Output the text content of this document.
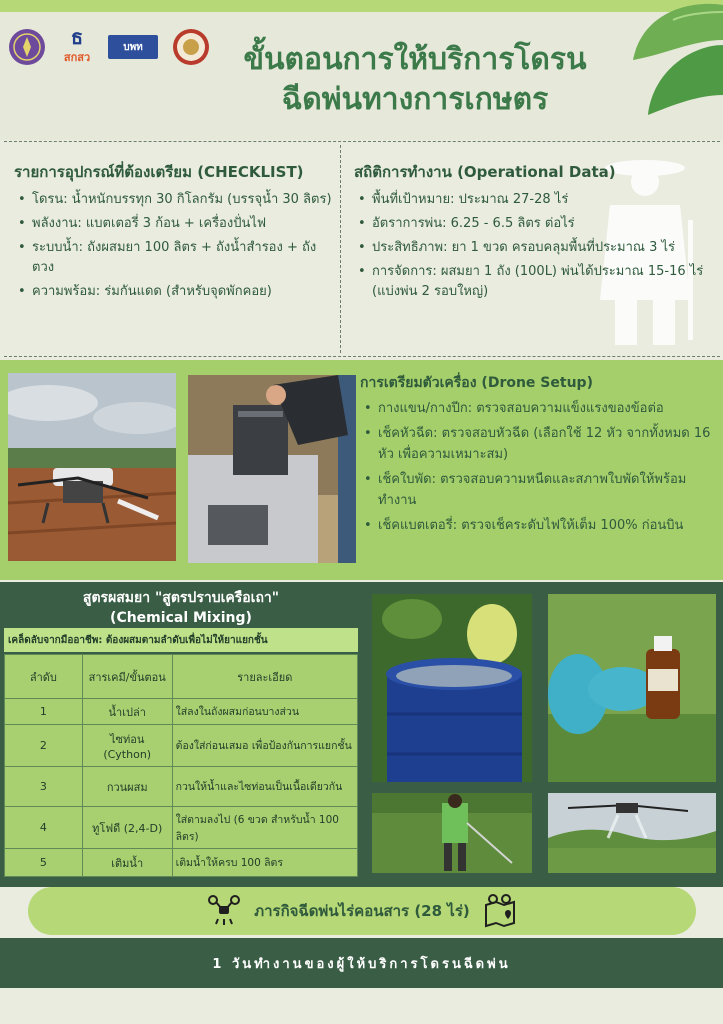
ธ
สกสว
บพท	ขั้นตอนการให้บริการโดรน
ฉีดพ่นทางการเกษตร
รายการอุปกรณ์ที่ต้องเตรียม (CHECKLIST)
• โดรน: น้ำหนักบรรทุก 30 กิโลกรัม (บรรจุน้ำ 30 ลิตร)
• พลังงาน: แบตเตอรี่ 3 ก้อน + เครื่องปั่นไฟ
• ระบบน้ำ: ถังผสมยา 100 ลิตร + ถังน้ำสำรอง + ถังตวง
• ความพร้อม: ร่มกันแดด (สำหรับจุดพักคอย)
สถิติการทำงาน (Operational Data)
• พื้นที่เป้าหมาย: ประมาณ 27-28 ไร่
• อัตราการพ่น: 6.25 - 6.5 ลิตร ต่อไร่
• ประสิทธิภาพ: ยา 1 ขวด ครอบคลุมพื้นที่ประมาณ 3 ไร่
• การจัดการ: ผสมยา 1 ถัง (100L) พ่นได้ประมาณ 15-16 ไร่ (แบ่งพ่น 2 รอบใหญ่)
การเตรียมตัวเครื่อง (Drone Setup)
• กางแขน/กางปีก: ตรวจสอบความแข็งแรงของข้อต่อ
• เช็คหัวฉีด: ตรวจสอบหัวฉีด (เลือกใช้ 12 หัว จากทั้งหมด 16 หัว เพื่อความเหมาะสม)
• เช็คใบพัด: ตรวจสอบความหนืดและสภาพใบพัดให้พร้อมทำงาน
• เช็คแบตเตอรี่: ตรวจเช็คระดับไฟให้เต็ม 100% ก่อนบิน
สูตรผสมยา "สูตรปราบเครือเถา"
(Chemical Mixing)
เคล็ดลับจากมืออาชีพ: ต้องผสมตามลำดับเพื่อไม่ให้ยาแยกชั้น
ลำดับ	สารเคมี/ขั้นตอน	รายละเอียด
1	น้ำเปล่า	ใส่ลงในถังผสมก่อนบางส่วน
2	ไซท่อน (Cython)	ต้องใส่ก่อนเสมอ เพื่อป้องกันการแยกชั้น
3	กวนผสม	กวนให้น้ำและไซท่อนเป็นเนื้อเดียวกัน
4	ทูโฟดี (2,4-D)	ใส่ตามลงไป (6 ขวด สำหรับน้ำ 100 ลิตร)
5	เติมน้ำ	เติมน้ำให้ครบ 100 ลิตร
ภารกิจฉีดพ่นไร่คอนสาร (28 ไร่)
1 วันทำงานของผู้ให้บริการโดรนฉีดพ่น
